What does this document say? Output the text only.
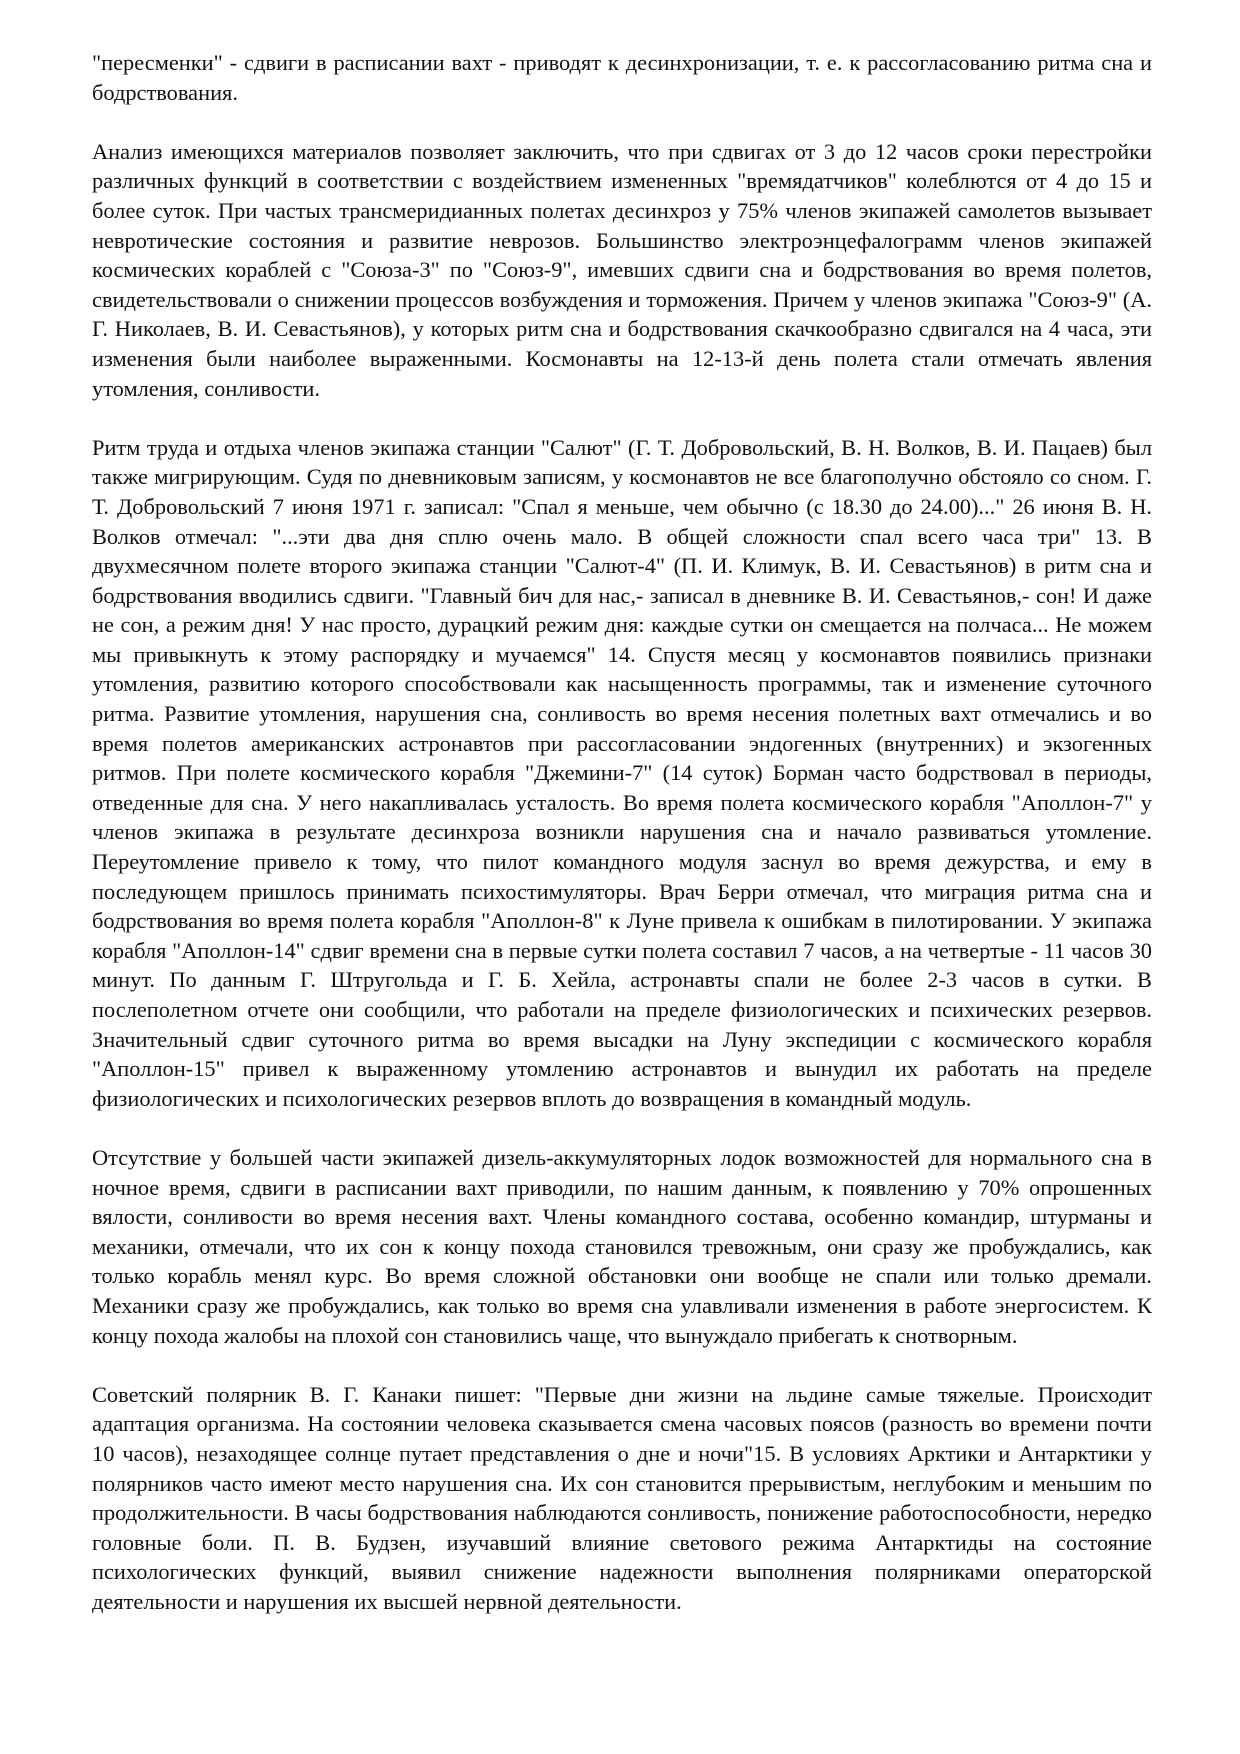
"пересменки" - сдвиги в расписании вахт - приводят к десинхронизации, т. е. к рассогласованию ритма сна и бодрствования.

Анализ имеющихся материалов позволяет заключить, что при сдвигах от 3 до 12 часов сроки перестройки различных функций в соответствии с воздействием измененных "времядатчиков" колеблются от 4 до 15 и более суток. При частых трансмеридианных полетах десинхроз у 75% членов экипажей самолетов вызывает невротические состояния и развитие неврозов. Большинство электроэнцефалограмм членов экипажей космических кораблей с "Союза-3" по "Союз-9", имевших сдвиги сна и бодрствования во время полетов, свидетельствовали о снижении процессов возбуждения и торможения. Причем у членов экипажа "Союз-9" (А. Г. Николаев, В. И. Севастьянов), у которых ритм сна и бодрствования скачкообразно сдвигался на 4 часа, эти изменения были наиболее выраженными. Космонавты на 12-13-й день полета стали отмечать явления утомления, сонливости.

Ритм труда и отдыха членов экипажа станции "Салют" (Г. Т. Добровольский, В. Н. Волков, В. И. Пацаев) был также мигрирующим. Судя по дневниковым записям, у космонавтов не все благополучно обстояло со сном. Г. Т. Добровольский 7 июня 1971 г. записал: "Спал я меньше, чем обычно (с 18.30 до 24.00)..." 26 июня В. Н. Волков отмечал: "...эти два дня сплю очень мало. В общей сложности спал всего часа три" 13. В двухмесячном полете второго экипажа станции "Салют-4" (П. И. Климук, В. И. Севастьянов) в ритм сна и бодрствования вводились сдвиги. "Главный бич для нас,- записал в дневнике В. И. Севастьянов,- сон! И даже не сон, а режим дня! У нас просто, дурацкий режим дня: каждые сутки он смещается на полчаса... Не можем мы привыкнуть к этому распорядку и мучаемся" 14. Спустя месяц у космонавтов появились признаки утомления, развитию которого способствовали как насыщенность программы, так и изменение суточного ритма. Развитие утомления, нарушения сна, сонливость во время несения полетных вахт отмечались и во время полетов американских астронавтов при рассогласовании эндогенных (внутренних) и экзогенных ритмов. При полете космического корабля "Джемини-7" (14 суток) Борман часто бодрствовал в периоды, отведенные для сна. У него накапливалась усталость. Во время полета космического корабля "Аполлон-7" у членов экипажа в результате десинхроза возникли нарушения сна и начало развиваться утомление. Переутомление привело к тому, что пилот командного модуля заснул во время дежурства, и ему в последующем пришлось принимать психостимуляторы. Врач Берри отмечал, что миграция ритма сна и бодрствования во время полета корабля "Аполлон-8" к Луне привела к ошибкам в пилотировании. У экипажа корабля "Аполлон-14" сдвиг времени сна в первые сутки полета составил 7 часов, а на четвертые - 11 часов 30 минут. По данным Г. Штругольда и Г. Б. Хейла, астронавты спали не более 2-3 часов в сутки. В послеполетном отчете они сообщили, что работали на пределе физиологических и психических резервов. Значительный сдвиг суточного ритма во время высадки на Луну экспедиции с космического корабля "Аполлон-15" привел к выраженному утомлению астронавтов и вынудил их работать на пределе физиологических и психологических резервов вплоть до возвращения в командный модуль.

Отсутствие у большей части экипажей дизель-аккумуляторных лодок возможностей для нормального сна в ночное время, сдвиги в расписании вахт приводили, по нашим данным, к появлению у 70% опрошенных вялости, сонливости во время несения вахт. Члены командного состава, особенно командир, штурманы и механики, отмечали, что их сон к концу похода становился тревожным, они сразу же пробуждались, как только корабль менял курс. Во время сложной обстановки они вообще не спали или только дремали. Механики сразу же пробуждались, как только во время сна улавливали изменения в работе энергосистем. К концу похода жалобы на плохой сон становились чаще, что вынуждало прибегать к снотворным.

Советский полярник В. Г. Канаки пишет: "Первые дни жизни на льдине самые тяжелые. Происходит адаптация организма. На состоянии человека сказывается смена часовых поясов (разность во времени почти 10 часов), незаходящее солнце путает представления о дне и ночи"15. В условиях Арктики и Антарктики у полярников часто имеют место нарушения сна. Их сон становится прерывистым, неглубоким и меньшим по продолжительности. В часы бодрствования наблюдаются сонливость, понижение работоспособности, нередко головные боли. П. В. Будзен, изучавший влияние светового режима Антарктиды на состояние психологических функций, выявил снижение надежности выполнения полярниками операторской деятельности и нарушения их высшей нервной деятельности.
